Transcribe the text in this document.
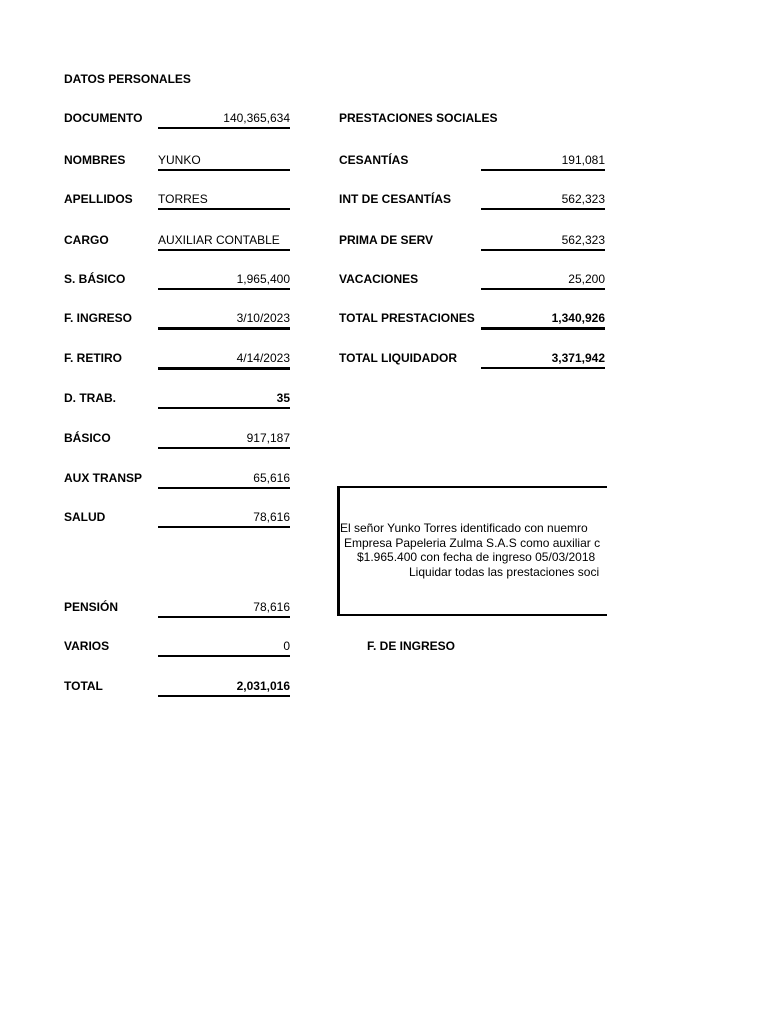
DATOS PERSONALES
DOCUMENTO	140,365,634
NOMBRES	YUNKO
APELLIDOS TORRES
CARGO	AUXILIAR CONTABLE
S. BÁSICO	1,965,400
F. INGRESO	3/10/2023
F. RETIRO	4/14/2023
D. TRAB.	35
BÁSICO	917,187
AUX TRANSP	65,616
SALUD	78,616
PENSIÓN	78,616
VARIOS	0
TOTAL	2,031,016
PRESTACIONES SOCIALES
CESANTÍAS	191,081
INT DE CESANTÍAS	562,323
PRIMA DE SERV	562,323
VACACIONES	25,200
TOTAL PRESTACIONES	1,340,926
TOTAL LIQUIDADOR	3,371,942
El señor Yunko Torres identificado con nuemro
Empresa Papeleria Zulma S.A.S como auxiliar c
$1.965.400 con fecha de ingreso 05/03/2018
Liquidar todas las prestaciones soci
F. DE INGRESO
